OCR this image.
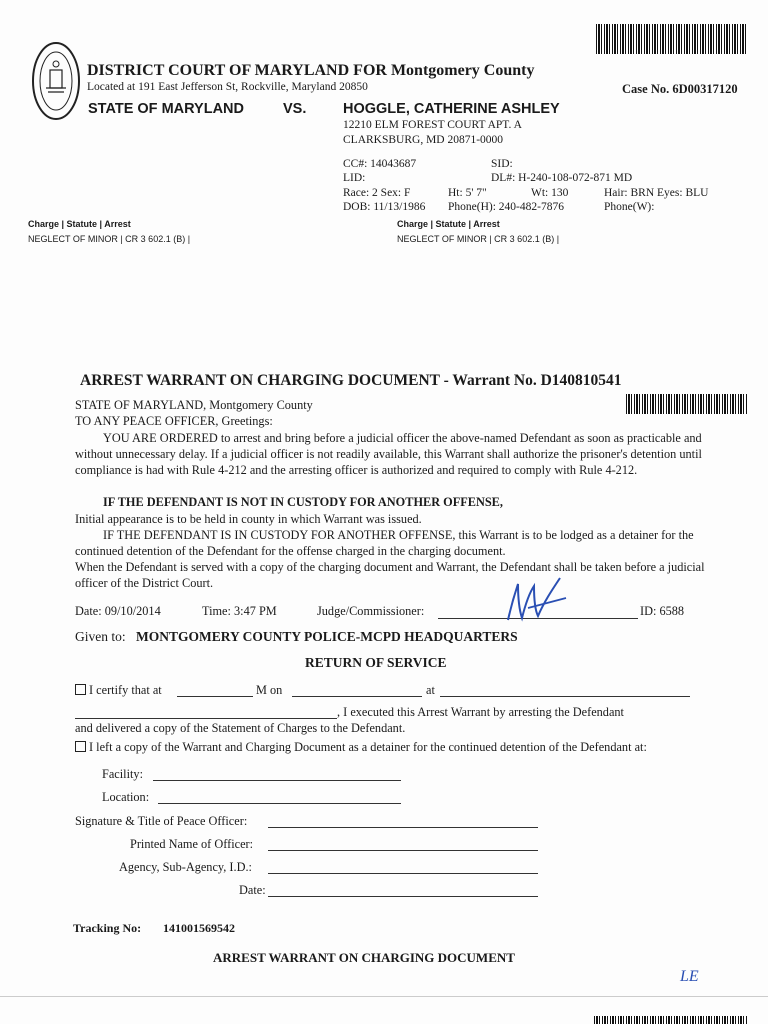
DISTRICT COURT OF MARYLAND FOR Montgomery County
Located at 191 East Jefferson St, Rockville, Maryland 20850	Case No. 6D00317120
STATE OF MARYLAND	VS.	HOGGLE, CATHERINE ASHLEY
12210 ELM FOREST COURT APT. A
CLARKSBURG, MD 20871-0000
CC#: 14043687	SID:
LID:	DL#: H-240-108-072-871 MD
Race: 2 Sex: F	Ht: 5' 7"	Wt: 130	Hair: BRN Eyes: BLU
DOB: 11/13/1986 Phone(H): 240-482-7876	Phone(W):
Charge | Statute | Arrest
NEGLECT OF MINOR | CR 3 602.1 (B) |
Charge | Statute | Arrest
NEGLECT OF MINOR | CR 3 602.1 (B) |
ARREST WARRANT ON CHARGING DOCUMENT - Warrant No. D140810541
STATE OF MARYLAND, Montgomery County
TO ANY PEACE OFFICER, Greetings:
YOU ARE ORDERED to arrest and bring before a judicial officer the above-named Defendant as soon as practicable and without unnecessary delay. If a judicial officer is not readily available, this Warrant shall authorize the prisoner's detention until compliance is had with Rule 4-212 and the arresting officer is authorized and required to comply with Rule 4-212.
IF THE DEFENDANT IS NOT IN CUSTODY FOR ANOTHER OFFENSE,
Initial appearance is to be held in county in which Warrant was issued.
IF THE DEFENDANT IS IN CUSTODY FOR ANOTHER OFFENSE, this Warrant is to be lodged as a detainer for the continued detention of the Defendant for the offense charged in the charging document.
When the Defendant is served with a copy of the charging document and Warrant, the Defendant shall be taken before a judicial officer of the District Court.
Date: 09/10/2014	Time: 3:47 PM	Judge/Commissioner:	ID: 6588
Given to: MONTGOMERY COUNTY POLICE-MCPD HEADQUARTERS
RETURN OF SERVICE
I certify that at	M on	at
, I executed this Arrest Warrant by arresting the Defendant
and delivered a copy of the Statement of Charges to the Defendant.
I left a copy of the Warrant and Charging Document as a detainer for the continued detention of the Defendant at:
Facility:
Location:
Signature & Title of Peace Officer:
Printed Name of Officer:
Agency, Sub-Agency, I.D.:
Date:
Tracking No: 141001569542
ARREST WARRANT ON CHARGING DOCUMENT
LE
